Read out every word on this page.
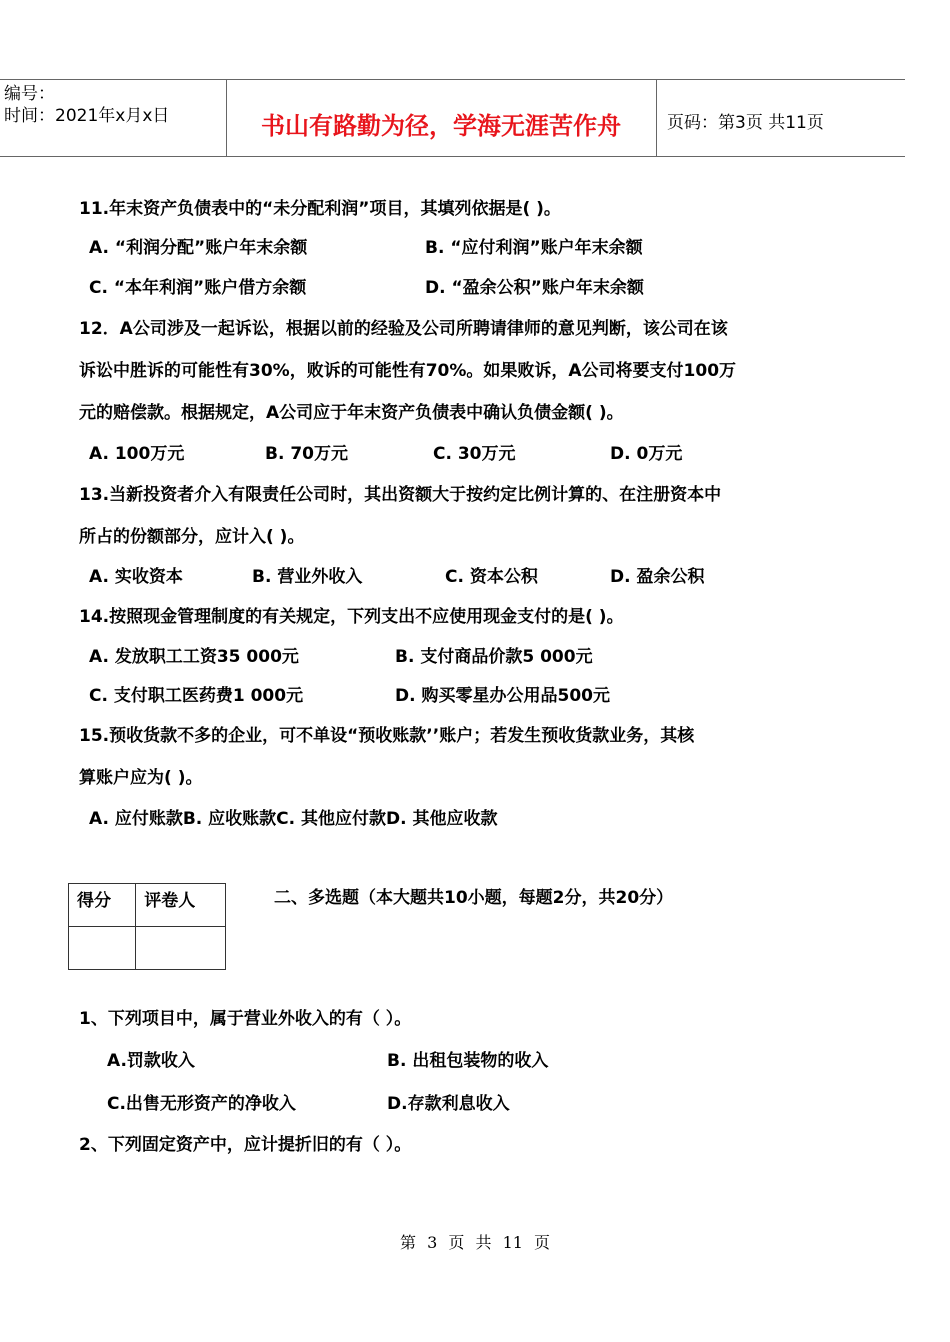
编号：
时间：2021年x月x日	书山有路勤为径，学海无涯苦作舟	页码：第3页 共11页
11.年末资产负债表中的“未分配利润”项目，其填列依据是( )。
A. “利润分配”账户年末余额	B. “应付利润”账户年末余额
C. “本年利润”账户借方余额	D. “盈余公积”账户年末余额
12．A公司涉及一起诉讼，根据以前的经验及公司所聘请律师的意见判断，该公司在该
诉讼中胜诉的可能性有30%，败诉的可能性有70%。如果败诉，A公司将要支付100万
元的赔偿款。根据规定，A公司应于年末资产负债表中确认负债金额( )。
A. 100万元	B. 70万元	C. 30万元	D. 0万元
13.当新投资者介入有限责任公司时，其出资额大于按约定比例计算的、在注册资本中
所占的份额部分，应计入( )。
A. 实收资本	B. 营业外收入	C. 资本公积	D. 盈余公积
14.按照现金管理制度的有关规定，下列支出不应使用现金支付的是( )。
A. 发放职工工资35 000元	B. 支付商品价款5 000元
C. 支付职工医药费1 000元	D. 购买零星办公用品500元
15.预收货款不多的企业，可不单设“预收账款’’账户；若发生预收货款业务，其核
算账户应为( )。
A. 应付账款B. 应收账款C. 其他应付款D. 其他应收款
得分	评卷人
		二、多选题（本大题共10小题，每题2分，共20分）
1、下列项目中，属于营业外收入的有（ ）。
A.罚款收入	B. 出租包装物的收入
C.出售无形资产的净收入	D.存款利息收入
2、下列固定资产中，应计提折旧的有（ ）。
第 3 页 共 11 页
